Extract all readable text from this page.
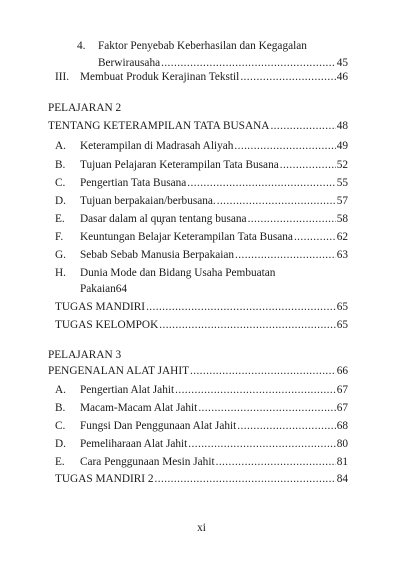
4. Faktor Penyebab Keberhasilan dan Kegagalan
Berwirausaha .....	45
III. Membuat Produk Kerajinan Tekstil .....	46
PELAJARAN 2
TENTANG KETERAMPILAN TATA BUSANA .....	48
A. Keterampilan di Madrasah Aliyah .....	49
B. Tujuan Pelajaran Keterampilan Tata Busana .....	52
C. Pengertian Tata Busana .....	55
D. Tujuan berpakaian/berbusana. .....	57
E. Dasar dalam al qu̧ran tentang busana .....	58
F. Keuntungan Belajar Keterampilan Tata Busana .....	62
G. Sebab Sebab Manusia Berpakaian .....	63
H. Dunia Mode dan Bidang Usaha Pembuatan
Pakaian64
TUGAS MANDIRI .....	65
TUGAS KELOMPOK .....	65
PELAJARAN 3
PENGENALAN ALAT JAHIT .....	66
A. Pengertian Alat Jahit .....	67
B. Macam-Macam Alat Jahit .....	67
C. Fungsi Dan Penggunaan Alat Jahit .....	68
D. Pemeliharaan Alat Jahit .....	80
E. Cara Penggunaan Mesin Jahit .....	81
TUGAS MANDIRI 2 .....	84
xi
